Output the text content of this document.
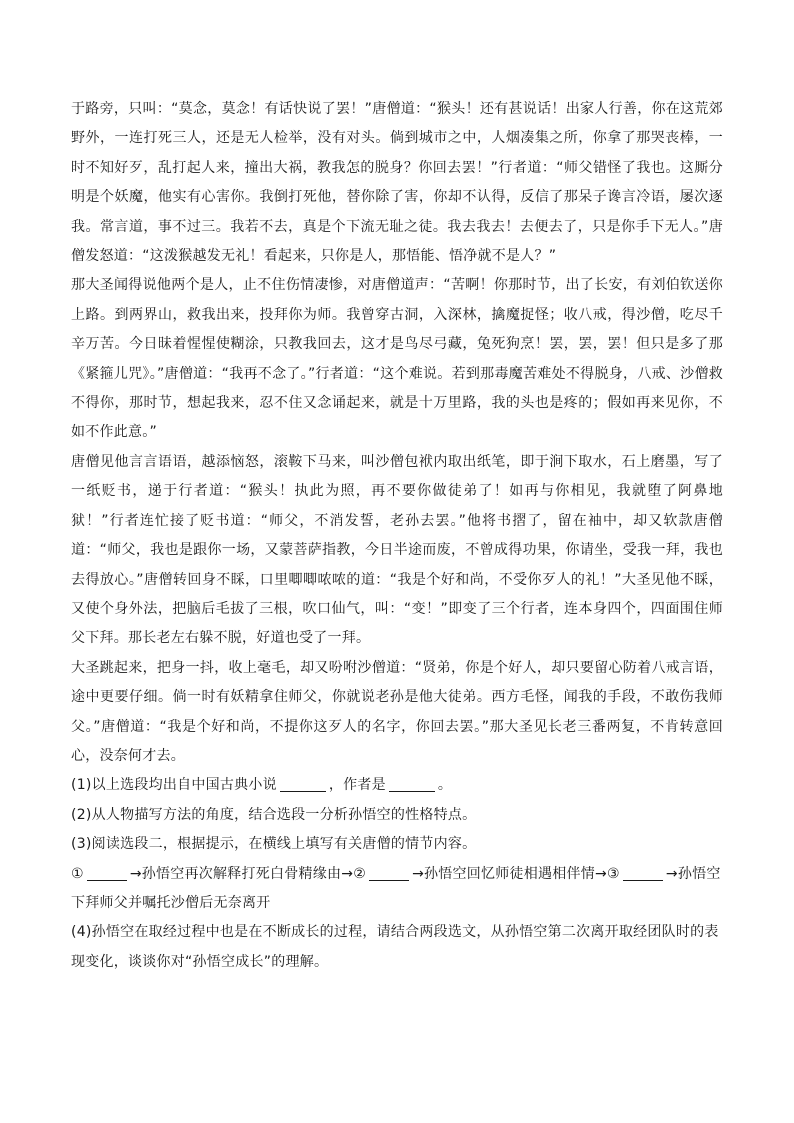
于路旁，只叫：“莫念，莫念！有话快说了罢！”唐僧道：“猴头！还有甚说话！出家人行善，你在这荒郊野外，一连打死三人，还是无人检举，没有对头。倘到城市之中，人烟凑集之所，你拿了那哭丧棒，一时不知好歹，乱打起人来，撞出大祸，教我怎的脱身？你回去罢！”行者道：“师父错怪了我也。这厮分明是个妖魔，他实有心害你。我倒打死他，替你除了害，你却不认得，反信了那呆子谗言冷语，屡次逐我。常言道，事不过三。我若不去，真是个下流无耻之徒。我去我去！去便去了，只是你手下无人。”唐僧发怒道：“这泼猴越发无礼！看起来，只你是人，那悟能、悟净就不是人？”

那大圣闻得说他两个是人，止不住伤情凄惨，对唐僧道声：“苦啊！你那时节，出了长安，有刘伯钦送你上路。到两界山，救我出来，投拜你为师。我曾穿古洞，入深林，擒魔捉怪；收八戒，得沙僧，吃尽千辛万苦。今日昧着惺惺使糊涂，只教我回去，这才是鸟尽弓藏，兔死狗烹！罢，罢，罢！但只是多了那《紧箍儿咒》。”唐僧道：“我再不念了。”行者道：“这个难说。若到那毒魔苦难处不得脱身，八戒、沙僧救不得你，那时节，想起我来，忍不住又念诵起来，就是十万里路，我的头也是疼的；假如再来见你，不如不作此意。”

唐僧见他言言语语，越添恼怒，滚鞍下马来，叫沙僧包袱内取出纸笔，即于涧下取水，石上磨墨，写了一纸贬书，递于行者道：“猴头！执此为照，再不要你做徒弟了！如再与你相见，我就堕了阿鼻地狱！”行者连忙接了贬书道：“师父，不消发誓，老孙去罢。”他将书摺了，留在袖中，却又软款唐僧道：“师父，我也是跟你一场，又蒙菩萨指教，今日半途而废，不曾成得功果，你请坐，受我一拜，我也去得放心。”唐僧转回身不睬，口里唧唧哝哝的道：“我是个好和尚，不受你歹人的礼！”大圣见他不睬，又使个身外法，把脑后毛拔了三根，吹口仙气，叫：“变！”即变了三个行者，连本身四个，四面围住师父下拜。那长老左右躲不脱，好道也受了一拜。

大圣跳起来，把身一抖，收上毫毛，却又吩咐沙僧道：“贤弟，你是个好人，却只要留心防着八戒言语，途中更要仔细。倘一时有妖精拿住师父，你就说老孙是他大徒弟。西方毛怪，闻我的手段，不敢伤我师父。”唐僧道：“我是个好和尚，不提你这歹人的名字，你回去罢。”那大圣见长老三番两复，不肯转意回心，没奈何才去。

(1)以上选段均出自中国古典小说	，作者是	。

(2)从人物描写方法的角度，结合选段一分析孙悟空的性格特点。

(3)阅读选段二，根据提示，在横线上填写有关唐僧的情节内容。

①	→孙悟空再次解释打死白骨精缘由→②	→孙悟空回忆师徒相遇相伴情→③	→孙悟空下拜师父并嘱托沙僧后无奈离开

(4)孙悟空在取经过程中也是在不断成长的过程，请结合两段选文，从孙悟空第二次离开取经团队时的表现变化，谈谈你对“孙悟空成长”的理解。
